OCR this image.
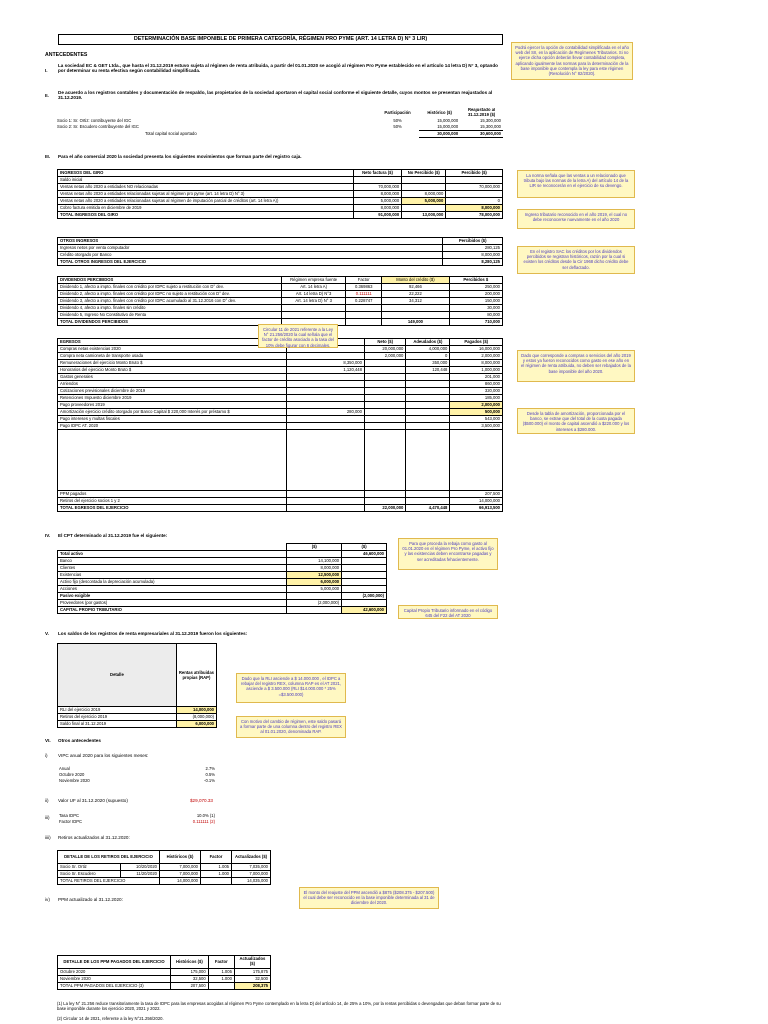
DETERMINACIÓN BASE IMPONIBLE DE PRIMERA CATEGORÍA, RÉGIMEN PRO PYME (ART. 14 LETRA D) N° 3 LIR)
ANTECEDENTES
I.
La sociedad EC & GET Ltda., que hasta el 31.12.2019 estuvo sujeta al régimen de renta atribuida, a partir del 01.01.2020 se acogió al régimen Pro Pyme establecido en el artículo 14 letra D) N° 3, optando por determinar su renta efectiva según contabilidad simplificada.
II.
De acuerdo a los registros contables y documentación de respaldo, las propietarios de la sociedad aportaron el capital social conforme el siguiente detalle, cuyos montos se presentan reajustados al 31.12.2019.
	Participación	Histórico ($)	Reajustado al 31.12.2019 ($)
Socio 1: Sr. Ortiz: contribuyente del IGC	50%	15,000,000	15,300,000
Socio 2: Sr. Escudero contribuyente del IGC	50%	15,000,000	15,300,000
Total capital social aportado		30,000,000	30,600,000
III. Para el año comercial 2020 la sociedad presenta los siguientes movimientos que forman parte del registro caja.
INGRESOS DEL GIRO	Neto factura ($)	No Percibido ($)	Percibido ($)
Saldo inicial			
Ventas netas año 2020 a entidades NO relacionadas	70,000,000		70,000,000
Ventas netas año 2020 a entidades relacionadas sujetas al régimen pro pyme (art. 14 letra D) N° 3)	8,000,000	8,000,000	
Ventas netas año 2020 a entidades relacionadas sujetas al régimen de imputación parcial de créditos (art. 14 letra A))	5,000,000	5,000,000	0
Cobro factura emitida en diciembre de 2019	8,000,000		8,000,000
TOTAL INGRESOS DEL GIRO	91,000,000	13,000,000	78,000,000
OTROS INGRESOS	Percibidos ($)
Ingresos netos por venta computador	280,125
Crédito otorgado por Banco	8,000,000
TOTAL OTROS INGRESOS DEL EJERCICIO	8,280,125
DIVIDENDOS PERCIBIDOS	Régimen empresa fuente	Factor	Monto del crédito ($)	Percibidos $
Dividendo 1, afecto a impto. finales con crédito por IDPC sujeto a restitución con D° dev.	Art. 14 letra A)	0.369863	92,466	250,000
Dividendo 2, afecto a impto. finales con crédito por IDPC no sujeto a restitución con D° dev.	Art. 14 letra D) N°3	0.111111	22,222	200,000
Dividendo 3, afecto a impto. finales con crédito por IDPC acumulado al 31.12.2016 con D° dev.	Art. 14 letra D) N° 3	0.228747	34,312	150,000
Dividendo 4, afecto a impto. finales sin crédito				30,000
Dividendo 5, Ingreso No Constitutivo de Renta				80,000
TOTAL DIVIDENDOS PERCIBIDOS			149,000	710,000
EGRESOS		Neto ($)	Adeudados ($)	Pagados ($)
Compras netas existencias 2020		20,000,000	4,000,000	16,000,000
Compra neta camioneta de transporte usada		2,000,000	0	2,000,000
Remuneraciones del ejercicio Monto Bruto $	8,350,000		350,000	8,000,000
Honorarios del ejercicio Monto Bruto $	1,120,448		120,448	1,000,000
Gastos generales				201,000
Arriendos				860,000
Cotizaciones previsionales diciembre de 2019				320,000
Retenciones Impuesto diciembre 2019				185,000
Pago proveedores 2019				2,000,000
Amortización ejercicio crédito otorgado por Banco Capital $ 220,000 Interés por préstamo $	280,000			500,000
Pago intereses y multas fiscales				543,000
Pago IDPC AT. 2020				3,500,000

PPM pagados				207,500
Retiros del ejercicio socios 1 y 2				14,000,000
TOTAL EGRESOS DEL EJERCICIO		22,000,000	4,470,448	66,913,500
IV. El CPT determinado al 31.12.2019 fue el siguiente:
	($)	($)
Total activo		46,600,000
Banco	14,100,000	
Clientes	8,000,000	
Existencias	12,500,000	
Activo fijo (descontada la depreciación acumulada)	6,000,000	
Acciones	5,000,000	
Pasivo exigible		(2,000,000)
Proveedores (por gastos)	(2,000,000)	
CAPITAL PROPIO TRIBUTARIO		42,600,000
V. Los saldos de los registros de renta empresariales al 31.12.2019 fueron los siguientes:
Detalle	Rentas atribuidas propias (RAP)
RLI del ejercicio 2019	14,000,000
Retiros del ejercicio 2019	(8,000,000)
Saldo final al 31.12.2019	6,000,000
VI. Otros antecedentes
i) VIPC anual 2020 para los siguientes meses:
Anual	2.7%
Octubre 2020	0.5%
Noviembre 2020	-0.1%
ii) Valor UF al 31.12.2020 (supuesto)	$29,070.33
iii) Tasa IDPC	10.0% (1)
Factor IDPC	0.111111 (2)
iiii) Retiros actualizados al 31.12.2020:
DETALLE DE LOS RETIROS DEL EJERCICIO		Históricos ($)	Factor	Actualizados ($)
Socio Sr. Ortiz	10/20/2020	7,000,000	1.005	7,035,000
Socio Sr. Escudero	11/20/2020	7,000,000	1.000	7,000,000
TOTAL RETIROS DEL EJERCICIO		14,000,000		14,035,000
iv) PPM actualizado al 31.12.2020:
DETALLE DE LOS PPM PAGADOS DEL EJERCICIO	Históricos ($)	Factor	Actualizados ($)
Octubre 2020	175,000	1.005	175,875
Noviembre 2020	32,500	1.000	32,500
TOTAL PPM PAGADOS DEL EJERCICIO (3)	207,500		208,375
(1) La ley N° 21.256 reduce transitoriamente la tasa de IDPC para las empresas acogidas al régimen Pro Pyme contemplado en la letra D) del artículo 14, de 25% a 10%, por la rentas percibidas o devengadas que deban formar parte de su base imponible durante los ejercicio 2020, 2021 y 2022.
(2) Circular 14 de 2021, referente a la ley N°21.256/2020.
Podrá ejercer la opción de contabilidad simplificada en el año web del SII, en la aplicación de Regímenes Tributarios. Si no ejerce dicha opción deberán llevar contabilidad completa, aplicando igualmente las normas para la determinación de la base imponible que contempla la ley para este régimen (Resolución N° 82/2020).
La norma señala que las ventas a un relacionado que tributa bajo las normas de la letra A) del artículo 14 de la LIR se reconocerán en el ejercicio de su devengo.
Ingreso tributario reconocido en el año 2019, el cual no debe reconocerse nuevamente en el año 2020
En el registro SAC los créditos por los dividendos percibidos se registran históricos, razón por la cual si existen los créditos desde la Cir 1968 dicho crédito debe ser deflactado.
Circular 11 de 2021 referente a la Ley N° 21.256/2020 la cual señala que el factor de crédito asociado a la tasa del 10% debe figurar con 6 decimales.
Dado que corresponde a compras o servicios del año 2019 y estos ya fueron reconocidos como gasto en ese año en el régimen de renta atribuida, no deben ser rebajados de la base imponible del año 2020.
Desde la tabla de amortización, proporcionada por el banco, se extrae que del total de la cuota pagada ($500.000) el monto de capital ascendió a $220.000 y los intereses a $280.000.
Para que proceda la rebaja como gasto al 01.01.2020 en el régimen Pro Pyme, el activo fijo y las existencias deben encontrarse pagadas y ser acreditadas fehacientemente.
Capital Propio Tributario informado en el código 645 del F22 del AT 2020
Dado que la RLI asciende a $ 14.000.000 , el IDPC a rebajar del registro REX, columna RAP es el AT 2021, asciende a $ 3.500.000 (RLI $14.000.000 * 25% =$3.500.000)
Con motivo del cambio de régimen, este saldo pasará a formar parte de una columna dentro del registro REX al 01.01.2020, denominada RAP.
El monto del reajuste del PPM ascendió a $875 ($208.375 - $207.500) el cual debe ser reconocido en la base imponible determinada al 31 de diciembre del 2020.
